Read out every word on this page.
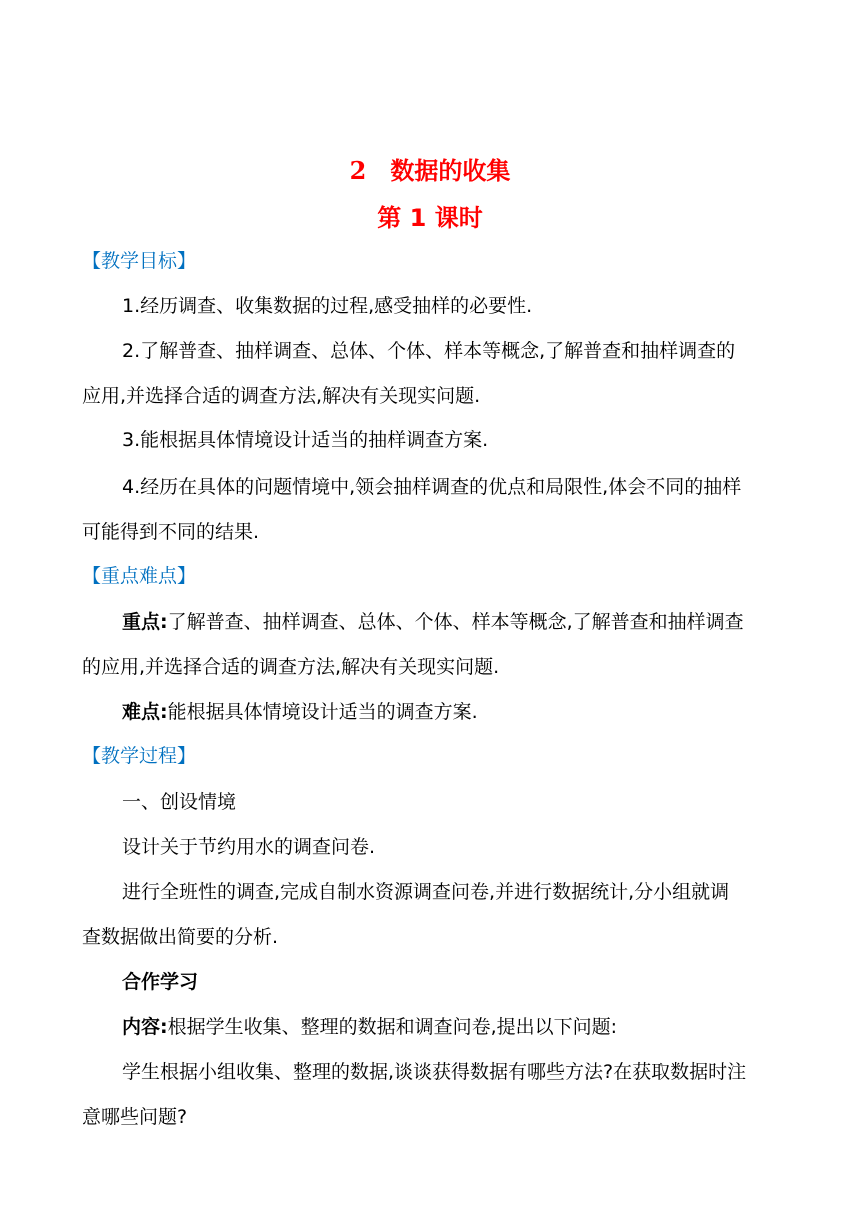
2 数据的收集
第 1 课时
【教学目标】
1.经历调查、收集数据的过程,感受抽样的必要性.
2.了解普查、抽样调查、总体、个体、样本等概念,了解普查和抽样调查的
应用,并选择合适的调查方法,解决有关现实问题.
3.能根据具体情境设计适当的抽样调查方案.
4.经历在具体的问题情境中,领会抽样调查的优点和局限性,体会不同的抽样
可能得到不同的结果.
【重点难点】
重点:了解普查、抽样调查、总体、个体、样本等概念,了解普查和抽样调查
的应用,并选择合适的调查方法,解决有关现实问题.
难点:能根据具体情境设计适当的调查方案.
【教学过程】
一、创设情境
设计关于节约用水的调查问卷.
进行全班性的调查,完成自制水资源调查问卷,并进行数据统计,分小组就调
查数据做出简要的分析.
合作学习
内容:根据学生收集、整理的数据和调查问卷,提出以下问题:
学生根据小组收集、整理的数据,谈谈获得数据有哪些方法?在获取数据时注
意哪些问题?
